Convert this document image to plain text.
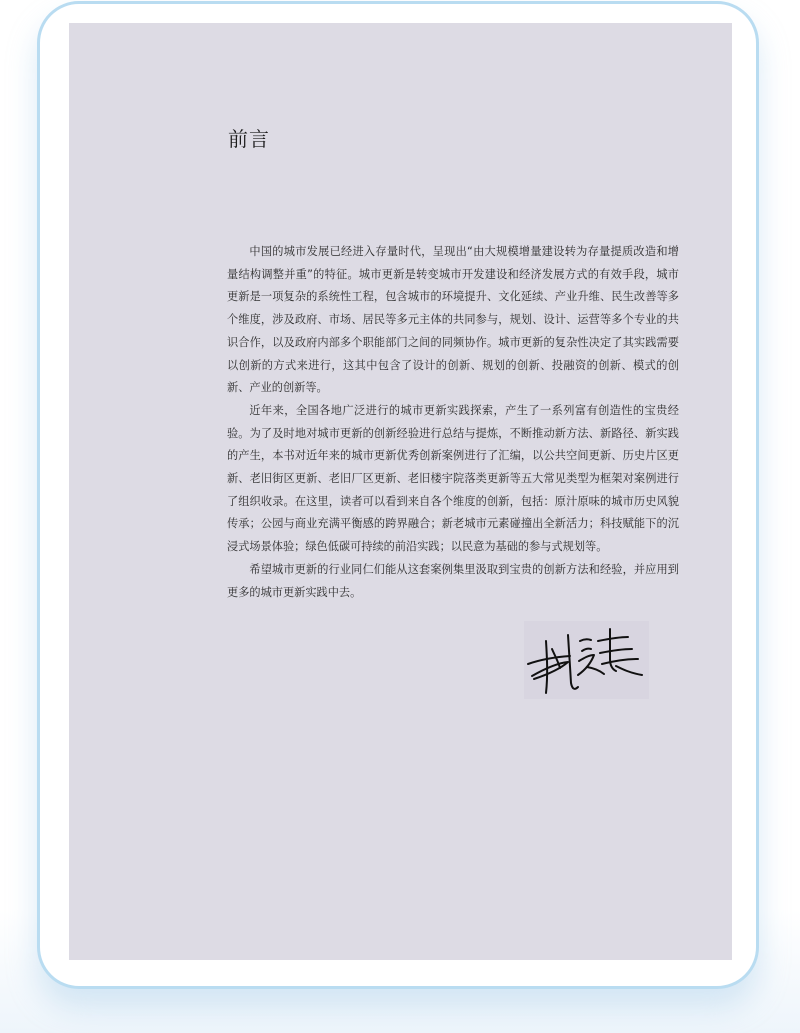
前言

中国的城市发展已经进入存量时代，呈现出“由大规模增量建设转为存量提质改造和增量结构调整并重”的特征。城市更新是转变城市开发建设和经济发展方式的有效手段，城市更新是一项复杂的系统性工程，包含城市的环境提升、文化延续、产业升维、民生改善等多个维度，涉及政府、市场、居民等多元主体的共同参与，规划、设计、运营等多个专业的共识合作，以及政府内部多个职能部门之间的同频协作。城市更新的复杂性决定了其实践需要以创新的方式来进行，这其中包含了设计的创新、规划的创新、投融资的创新、模式的创新、产业的创新等。

近年来，全国各地广泛进行的城市更新实践探索，产生了一系列富有创造性的宝贵经验。为了及时地对城市更新的创新经验进行总结与提炼，不断推动新方法、新路径、新实践的产生，本书对近年来的城市更新优秀创新案例进行了汇编，以公共空间更新、历史片区更新、老旧街区更新、老旧厂区更新、老旧楼宇院落类更新等五大常见类型为框架对案例进行了组织收录。在这里，读者可以看到来自各个维度的创新，包括：原汁原味的城市历史风貌传承；公园与商业充满平衡感的跨界融合；新老城市元素碰撞出全新活力；科技赋能下的沉浸式场景体验；绿色低碳可持续的前沿实践；以民意为基础的参与式规划等。

希望城市更新的行业同仁们能从这套案例集里汲取到宝贵的创新方法和经验，并应用到更多的城市更新实践中去。
